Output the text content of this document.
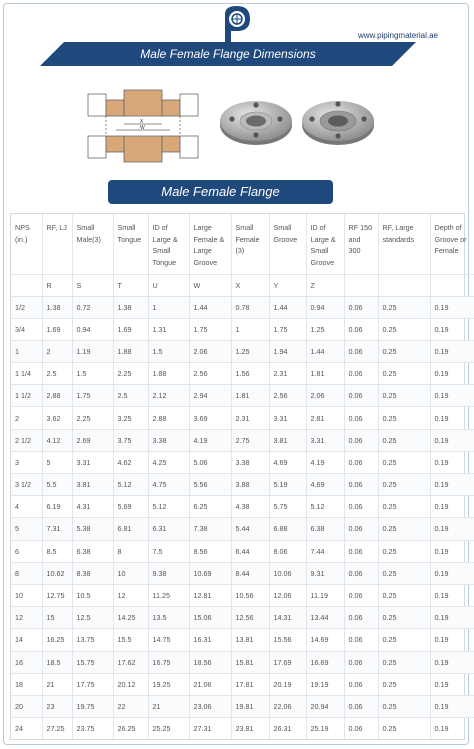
www.pipingmaterial.ae
Male Female Flange Dimensions
X
W
Male Female Flange
NPS (in.)	RF, LJ	Small Male(3)	Small Tongue	ID of Large & Small Tongue	Large Female & Large Groove	Small Female (3)	Small Groove	ID of Large & Small Groove	RF 150 and 300	RF, Large standards	Depth of Groove or Female
	R	S	T	U	W	X	Y	Z			
1/2	1.38	0.72	1.38	1	1.44	0.78	1.44	0.94	0.06	0.25	0.19
3/4	1.69	0.94	1.69	1.31	1.75	1	1.75	1.25	0.06	0.25	0.19
1	2	1.19	1.88	1.5	2.06	1.25	1.94	1.44	0.06	0.25	0.19
1 1/4	2.5	1.5	2.25	1.88	2.56	1.56	2.31	1.81	0.06	0.25	0.19
1 1/2	2.88	1.75	2.5	2.12	2.94	1.81	2.56	2.06	0.06	0.25	0.19
2	3.62	2.25	3.25	2.88	3.69	2.31	3.31	2.81	0.06	0.25	0.19
2 1/2	4.12	2.69	3.75	3.38	4.19	2.75	3.81	3.31	0.06	0.25	0.19
3	5	3.31	4.62	4.25	5.06	3.38	4.69	4.19	0.06	0.25	0.19
3 1/2	5.5	3.81	5.12	4.75	5.56	3.88	5.19	4.69	0.06	0.25	0.19
4	6.19	4.31	5.69	5.12	6.25	4.38	5.75	5.12	0.06	0.25	0.19
5	7.31	5.38	6.81	6.31	7.38	5.44	6.88	6.38	0.06	0.25	0.19
6	8.5	6.38	8	7.5	8.56	6.44	8.06	7.44	0.06	0.25	0.19
8	10.62	8.38	10	9.38	10.69	8.44	10.06	9.31	0.06	0.25	0.19
10	12.75	10.5	12	11.25	12.81	10.56	12.06	11.19	0.06	0.25	0.19
12	15	12.5	14.25	13.5	15.06	12.56	14.31	13.44	0.06	0.25	0.19
14	16.25	13.75	15.5	14.75	16.31	13.81	15.56	14.69	0.06	0.25	0.19
16	18.5	15.75	17.62	16.75	18.56	15.81	17.69	16.69	0.06	0.25	0.19
18	21	17.75	20.12	19.25	21.06	17.81	20.19	19.19	0.06	0.25	0.19
20	23	19.75	22	21	23.06	19.81	22.06	20.94	0.06	0.25	0.19
24	27.25	23.75	26.25	25.25	27.31	23.81	26.31	25.19	0.06	0.25	0.19
